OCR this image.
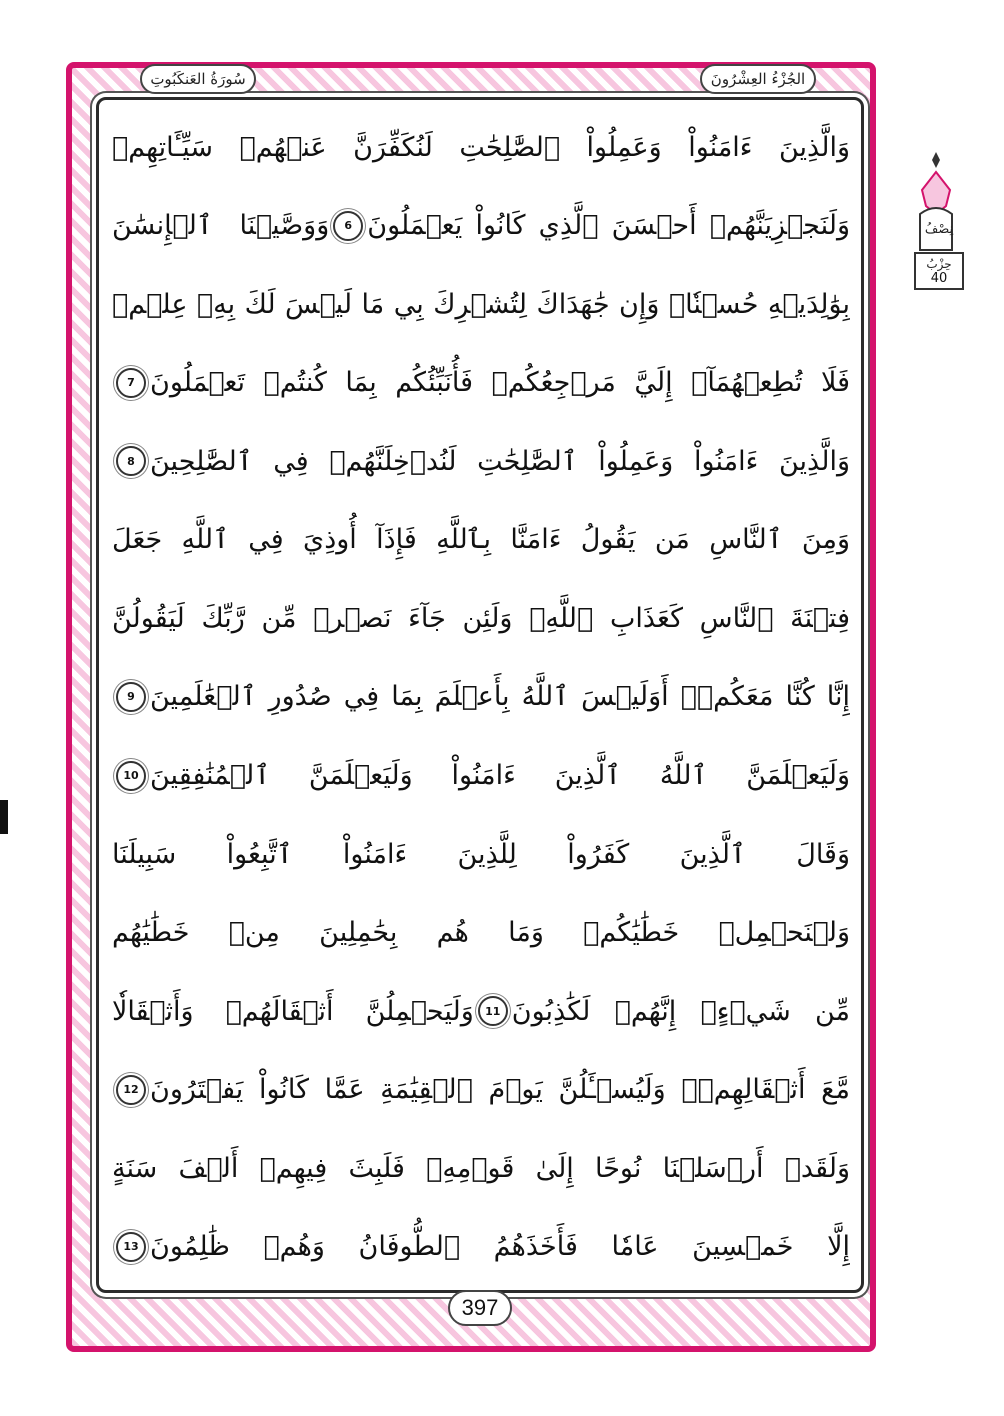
الجُزْءُ العِشْرُونَ
سُورَةُ العَنكَبُوتِ
نِصْفُ
حِزْبُ
40
وَالَّذِينَ ءَامَنُواْ وَعَمِلُواْ ٱلصَّٰلِحَٰتِ لَنُكَفِّرَنَّ عَنۡهُمۡ سَيِّـَٔاتِهِمۡ
وَلَنَجۡزِيَنَّهُمۡ أَحۡسَنَ ٱلَّذِي كَانُواْ يَعۡمَلُونَ
6
وَوَصَّيۡنَا ٱلۡإِنسَٰنَ
بِوَٰلِدَيۡهِ حُسۡنٗاۖ وَإِن جَٰهَدَاكَ لِتُشۡرِكَ بِي مَا لَيۡسَ لَكَ بِهِۦ عِلۡمٞ
فَلَا تُطِعۡهُمَآۚ إِلَيَّ مَرۡجِعُكُمۡ فَأُنَبِّئُكُم بِمَا كُنتُمۡ تَعۡمَلُونَ
7
وَالَّذِينَ ءَامَنُواْ وَعَمِلُواْ ٱلصَّٰلِحَٰتِ لَنُدۡخِلَنَّهُمۡ فِي ٱلصَّٰلِحِينَ
8
وَمِنَ ٱلنَّاسِ مَن يَقُولُ ءَامَنَّا بِٱللَّهِ فَإِذَآ أُوذِيَ فِي ٱللَّهِ جَعَلَ
فِتۡنَةَ ٱلنَّاسِ كَعَذَابِ ٱللَّهِۖ وَلَئِن جَآءَ نَصۡرٞ مِّن رَّبِّكَ لَيَقُولُنَّ
إِنَّا كُنَّا مَعَكُمۡۚ أَوَلَيۡسَ ٱللَّهُ بِأَعۡلَمَ بِمَا فِي صُدُورِ ٱلۡعَٰلَمِينَ
9
وَلَيَعۡلَمَنَّ ٱللَّهُ ٱلَّذِينَ ءَامَنُواْ وَلَيَعۡلَمَنَّ ٱلۡمُنَٰفِقِينَ
10
وَقَالَ ٱلَّذِينَ كَفَرُواْ لِلَّذِينَ ءَامَنُواْ ٱتَّبِعُواْ سَبِيلَنَا
وَلۡنَحۡمِلۡ خَطَٰيَٰكُمۡ وَمَا هُم بِحَٰمِلِينَ مِنۡ خَطَٰيَٰهُم
مِّن شَيۡءٍۖ إِنَّهُمۡ لَكَٰذِبُونَ
11
وَلَيَحۡمِلُنَّ أَثۡقَالَهُمۡ وَأَثۡقَالٗا
مَّعَ أَثۡقَالِهِمۡۖ وَلَيُسۡـَٔلُنَّ يَوۡمَ ٱلۡقِيَٰمَةِ عَمَّا كَانُواْ يَفۡتَرُونَ
12
وَلَقَدۡ أَرۡسَلۡنَا نُوحًا إِلَىٰ قَوۡمِهِۦ فَلَبِثَ فِيهِمۡ أَلۡفَ سَنَةٍ
إِلَّا خَمۡسِينَ عَامٗا فَأَخَذَهُمُ ٱلطُّوفَانُ وَهُمۡ ظَٰلِمُونَ
13
397
